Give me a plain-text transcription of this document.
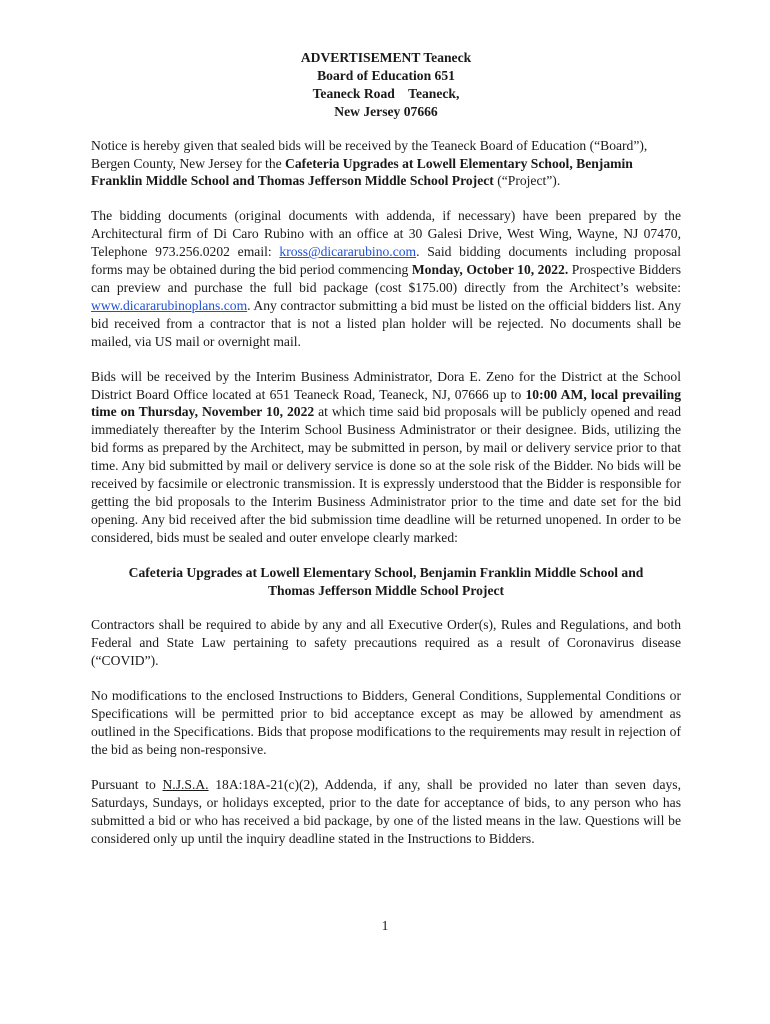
ADVERTISEMENT Teaneck
Board of Education 651
Teaneck Road    Teaneck,
New Jersey 07666

Notice is hereby given that sealed bids will be received by the Teaneck Board of Education (“Board”), Bergen County, New Jersey for the Cafeteria Upgrades at Lowell Elementary School, Benjamin Franklin Middle School and Thomas Jefferson Middle School Project (“Project”).

The bidding documents (original documents with addenda, if necessary) have been prepared by the Architectural firm of Di Caro Rubino with an office at 30 Galesi Drive, West Wing, Wayne, NJ 07470, Telephone 973.256.0202 email: kross@dicararubino.com. Said bidding documents including proposal forms may be obtained during the bid period commencing Monday, October 10, 2022. Prospective Bidders can preview and purchase the full bid package (cost $175.00) directly from the Architect’s website: www.dicararubinoplans.com. Any contractor submitting a bid must be listed on the official bidders list. Any bid received from a contractor that is not a listed plan holder will be rejected. No documents shall be mailed, via US mail or overnight mail.

Bids will be received by the Interim Business Administrator, Dora E. Zeno for the District at the School District Board Office located at 651 Teaneck Road, Teaneck, NJ, 07666 up to 10:00 AM, local prevailing time on Thursday, November 10, 2022 at which time said bid proposals will be publicly opened and read immediately thereafter by the Interim School Business Administrator or their designee. Bids, utilizing the bid forms as prepared by the Architect, may be submitted in person, by mail or delivery service prior to that time. Any bid submitted by mail or delivery service is done so at the sole risk of the Bidder. No bids will be received by facsimile or electronic transmission. It is expressly understood that the Bidder is responsible for getting the bid proposals to the Interim Business Administrator prior to the time and date set for the bid opening. Any bid received after the bid submission time deadline will be returned unopened. In order to be considered, bids must be sealed and outer envelope clearly marked:

Cafeteria Upgrades at Lowell Elementary School, Benjamin Franklin Middle School and
Thomas Jefferson Middle School Project

Contractors shall be required to abide by any and all Executive Order(s), Rules and Regulations, and both Federal and State Law pertaining to safety precautions required as a result of Coronavirus disease (“COVID”).

No modifications to the enclosed Instructions to Bidders, General Conditions, Supplemental Conditions or Specifications will be permitted prior to bid acceptance except as may be allowed by amendment as outlined in the Specifications. Bids that propose modifications to the requirements may result in rejection of the bid as being non-responsive.

Pursuant to N.J.S.A. 18A:18A-21(c)(2), Addenda, if any, shall be provided no later than seven days, Saturdays, Sundays, or holidays excepted, prior to the date for acceptance of bids, to any person who has submitted a bid or who has received a bid package, by one of the listed means in the law. Questions will be considered only up until the inquiry deadline stated in the Instructions to Bidders.

1
